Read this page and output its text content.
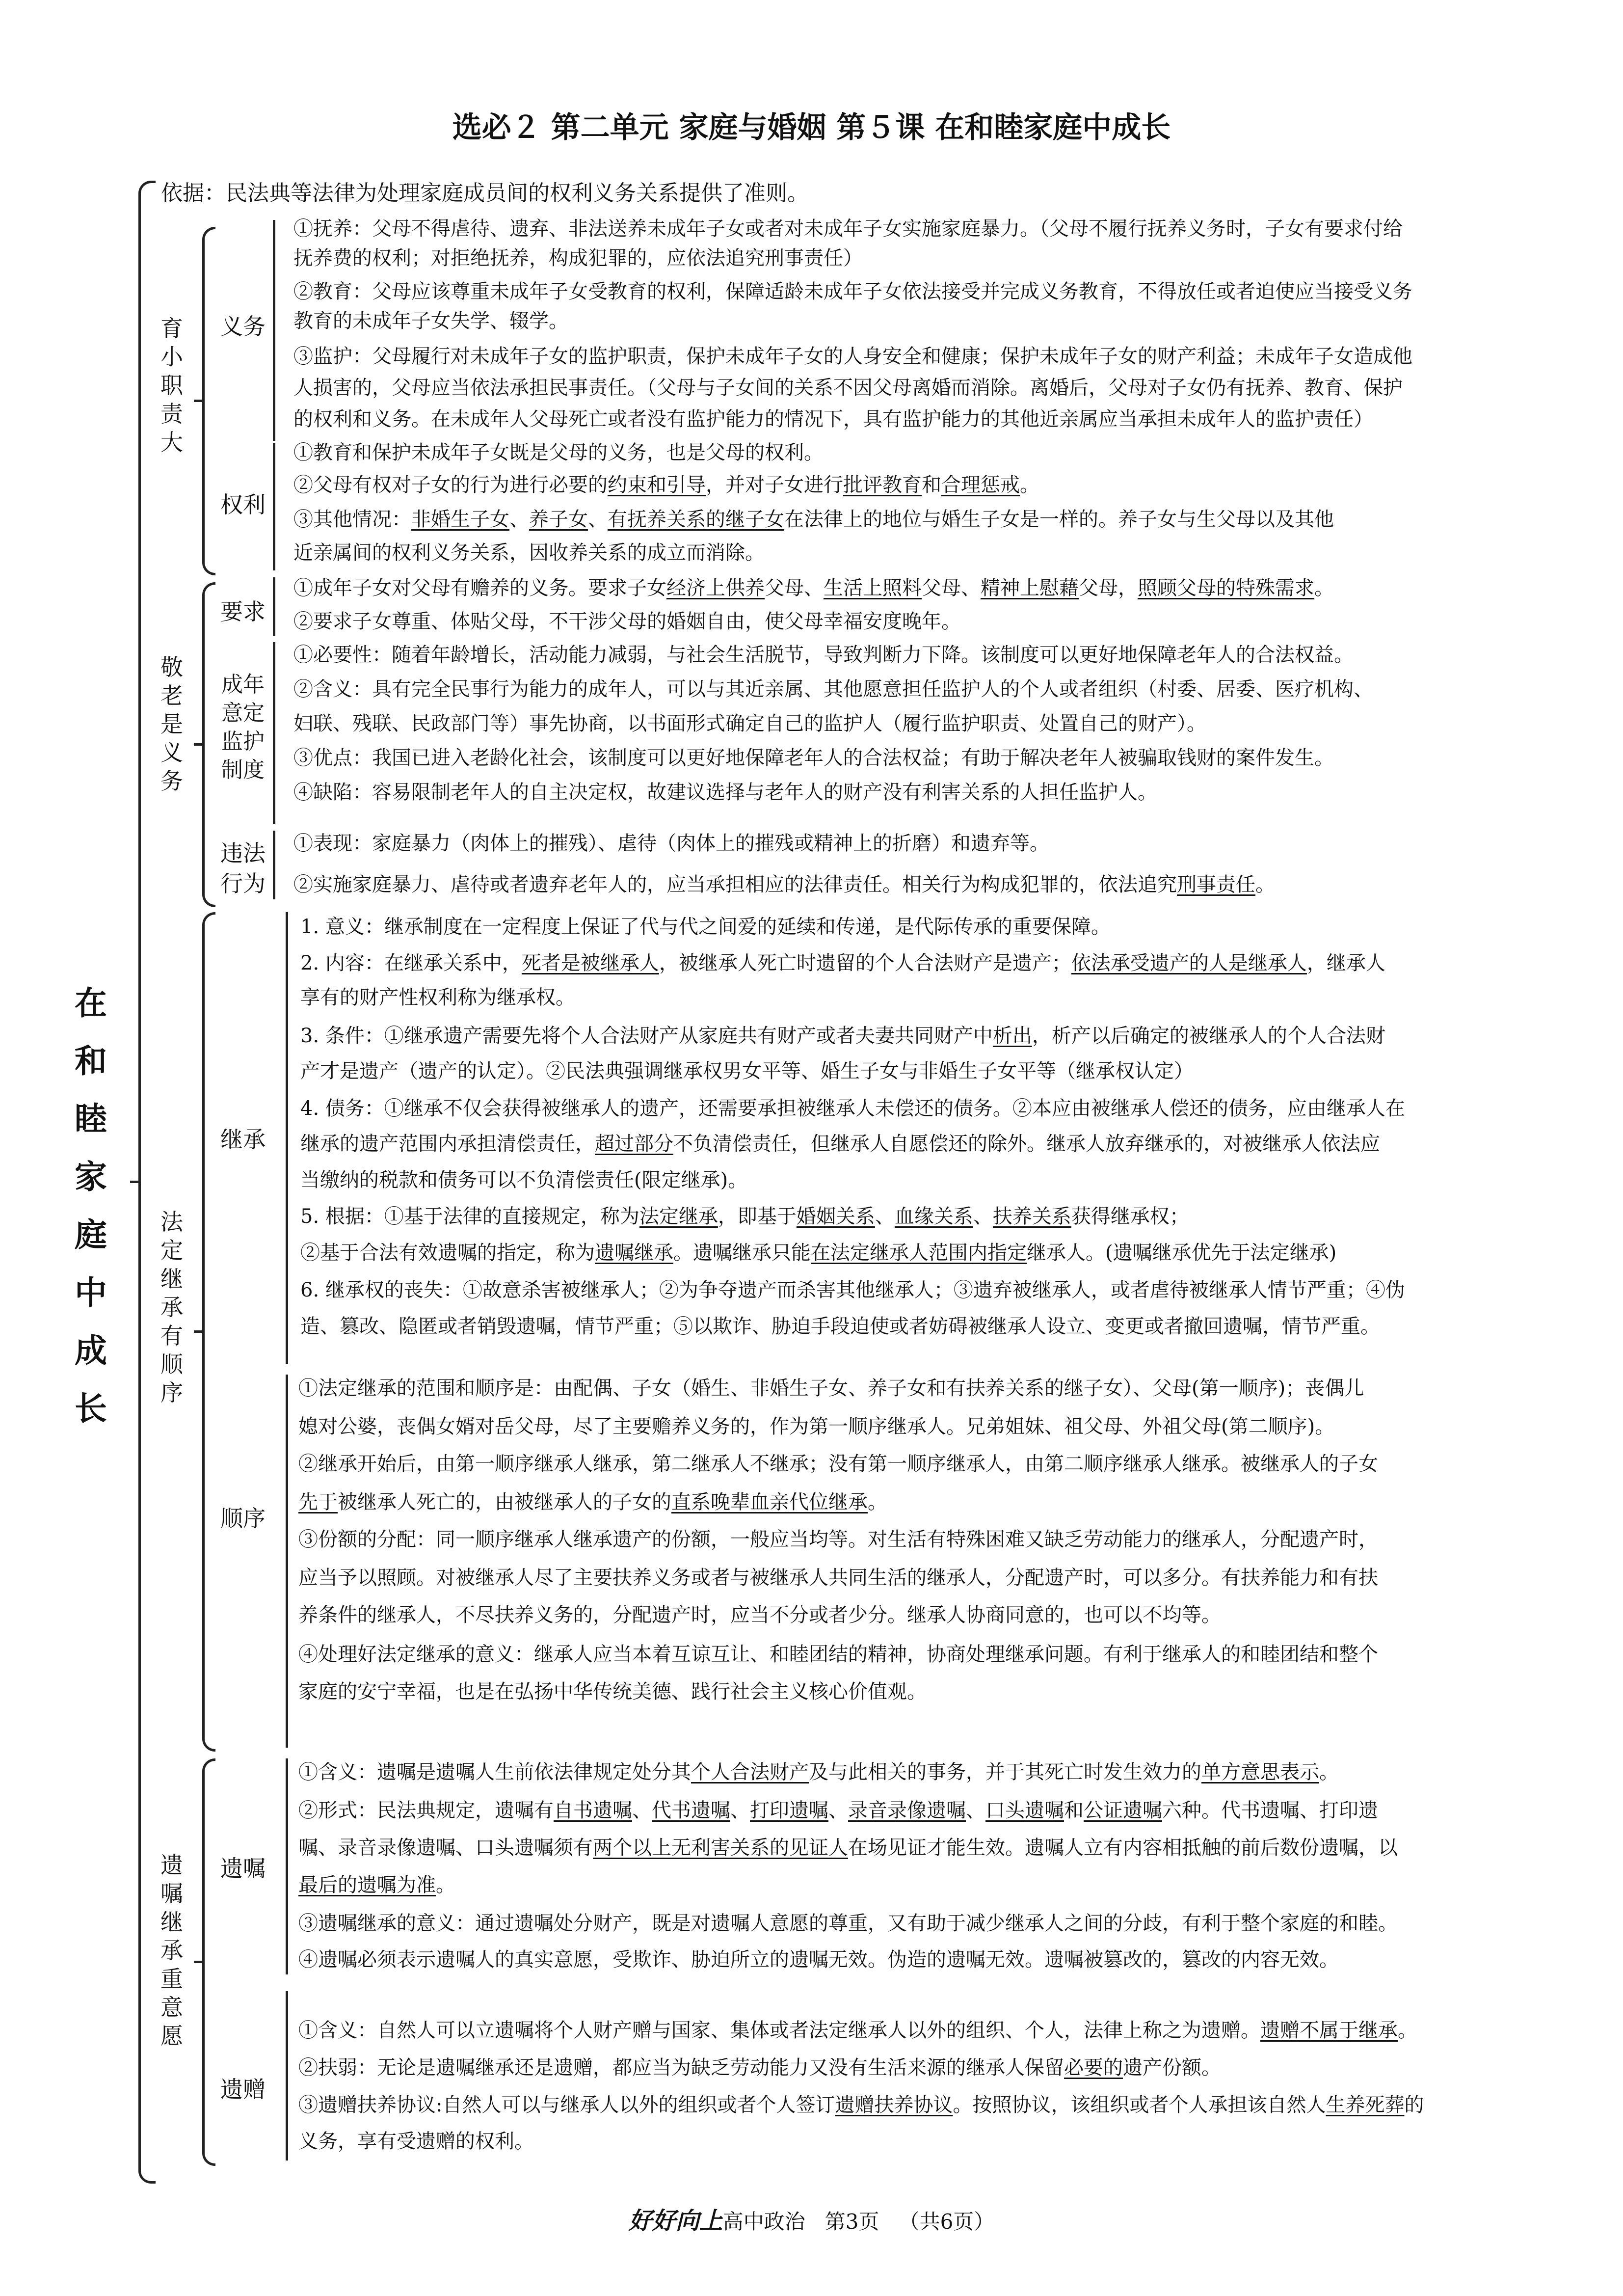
选必２ 第二单元 家庭与婚姻 第５课 在和睦家庭中成长
在和睦家庭中成长
依据：民法典等法律为处理家庭成员间的权利义务关系提供了准则。
育小职责大
敬老是义务
法定继承有顺序
遗嘱继承重意愿
义务
权利
要求
成年意定监护制度
违法
行为
继承
顺序
遗嘱
遗赠
①抚养：父母不得虐待、遗弃、非法送养未成年子女或者对未成年子女实施家庭暴力。（父母不履行抚养义务时，子女有要求付给
抚养费的权利；对拒绝抚养，构成犯罪的，应依法追究刑事责任）
②教育：父母应该尊重未成年子女受教育的权利，保障适龄未成年子女依法接受并完成义务教育，不得放任或者迫使应当接受义务
教育的未成年子女失学、辍学。
③监护：父母履行对未成年子女的监护职责，保护未成年子女的人身安全和健康；保护未成年子女的财产利益；未成年子女造成他
人损害的，父母应当依法承担民事责任。（父母与子女间的关系不因父母离婚而消除。离婚后，父母对子女仍有抚养、教育、保护
的权利和义务。在未成年人父母死亡或者没有监护能力的情况下，具有监护能力的其他近亲属应当承担未成年人的监护责任）
①教育和保护未成年子女既是父母的义务，也是父母的权利。
②父母有权对子女的行为进行必要的约束和引导，并对子女进行批评教育和合理惩戒。
③其他情况：非婚生子女、养子女、有抚养关系的继子女在法律上的地位与婚生子女是一样的。养子女与生父母以及其他
近亲属间的权利义务关系，因收养关系的成立而消除。
①成年子女对父母有赡养的义务。要求子女经济上供养父母、生活上照料父母、精神上慰藉父母，照顾父母的特殊需求。
②要求子女尊重、体贴父母，不干涉父母的婚姻自由，使父母幸福安度晚年。
①必要性：随着年龄增长，活动能力减弱，与社会生活脱节，导致判断力下降。该制度可以更好地保障老年人的合法权益。
②含义：具有完全民事行为能力的成年人，可以与其近亲属、其他愿意担任监护人的个人或者组织（村委、居委、医疗机构、
妇联、残联、民政部门等）事先协商，以书面形式确定自己的监护人（履行监护职责、处置自己的财产）。
③优点：我国已进入老龄化社会，该制度可以更好地保障老年人的合法权益；有助于解决老年人被骗取钱财的案件发生。
④缺陷：容易限制老年人的自主决定权，故建议选择与老年人的财产没有利害关系的人担任监护人。
①表现：家庭暴力（肉体上的摧残）、虐待（肉体上的摧残或精神上的折磨）和遗弃等。
②实施家庭暴力、虐待或者遗弃老年人的，应当承担相应的法律责任。相关行为构成犯罪的，依法追究刑事责任。
1. 意义：继承制度在一定程度上保证了代与代之间爱的延续和传递，是代际传承的重要保障。
2. 内容：在继承关系中，死者是被继承人，被继承人死亡时遗留的个人合法财产是遗产；依法承受遗产的人是继承人，继承人
享有的财产性权利称为继承权。
3. 条件：①继承遗产需要先将个人合法财产从家庭共有财产或者夫妻共同财产中析出，析产以后确定的被继承人的个人合法财
产才是遗产（遗产的认定）。②民法典强调继承权男女平等、婚生子女与非婚生子女平等（继承权认定）
4. 债务：①继承不仅会获得被继承人的遗产，还需要承担被继承人未偿还的债务。②本应由被继承人偿还的债务，应由继承人在
继承的遗产范围内承担清偿责任，超过部分不负清偿责任，但继承人自愿偿还的除外。继承人放弃继承的，对被继承人依法应
当缴纳的税款和债务可以不负清偿责任(限定继承)。
5. 根据：①基于法律的直接规定，称为法定继承，即基于婚姻关系、血缘关系、扶养关系获得继承权；
②基于合法有效遗嘱的指定，称为遗嘱继承。遗嘱继承只能在法定继承人范围内指定继承人。(遗嘱继承优先于法定继承)
6. 继承权的丧失：①故意杀害被继承人；②为争夺遗产而杀害其他继承人；③遗弃被继承人，或者虐待被继承人情节严重；④伪
造、篡改、隐匿或者销毁遗嘱，情节严重；⑤以欺诈、胁迫手段迫使或者妨碍被继承人设立、变更或者撤回遗嘱，情节严重。
①法定继承的范围和顺序是：由配偶、子女（婚生、非婚生子女、养子女和有扶养关系的继子女）、父母(第一顺序)；丧偶儿
媳对公婆，丧偶女婿对岳父母，尽了主要赡养义务的，作为第一顺序继承人。兄弟姐妹、祖父母、外祖父母(第二顺序)。
②继承开始后，由第一顺序继承人继承，第二继承人不继承；没有第一顺序继承人，由第二顺序继承人继承。被继承人的子女
先于被继承人死亡的，由被继承人的子女的直系晚辈血亲代位继承。
③份额的分配：同一顺序继承人继承遗产的份额，一般应当均等。对生活有特殊困难又缺乏劳动能力的继承人，分配遗产时，
应当予以照顾。对被继承人尽了主要扶养义务或者与被继承人共同生活的继承人，分配遗产时，可以多分。有扶养能力和有扶
养条件的继承人，不尽扶养义务的，分配遗产时，应当不分或者少分。继承人协商同意的，也可以不均等。
④处理好法定继承的意义：继承人应当本着互谅互让、和睦团结的精神，协商处理继承问题。有利于继承人的和睦团结和整个
家庭的安宁幸福，也是在弘扬中华传统美德、践行社会主义核心价值观。
①含义：遗嘱是遗嘱人生前依法律规定处分其个人合法财产及与此相关的事务，并于其死亡时发生效力的单方意思表示。
②形式：民法典规定，遗嘱有自书遗嘱、代书遗嘱、打印遗嘱、录音录像遗嘱、口头遗嘱和公证遗嘱六种。代书遗嘱、打印遗
嘱、录音录像遗嘱、口头遗嘱须有两个以上无利害关系的见证人在场见证才能生效。遗嘱人立有内容相抵触的前后数份遗嘱，以
最后的遗嘱为准。
③遗嘱继承的意义：通过遗嘱处分财产，既是对遗嘱人意愿的尊重，又有助于减少继承人之间的分歧，有利于整个家庭的和睦。
④遗嘱必须表示遗嘱人的真实意愿，受欺诈、胁迫所立的遗嘱无效。伪造的遗嘱无效。遗嘱被篡改的，篡改的内容无效。
①含义：自然人可以立遗嘱将个人财产赠与国家、集体或者法定继承人以外的组织、个人，法律上称之为遗赠。遗赠不属于继承。
②扶弱：无论是遗嘱继承还是遗赠，都应当为缺乏劳动能力又没有生活来源的继承人保留必要的遗产份额。
③遗赠扶养协议:自然人可以与继承人以外的组织或者个人签订遗赠扶养协议。按照协议，该组织或者个人承担该自然人生养死葬的
义务，享有受遗赠的权利。
好好向上高中政治 第3页 （共6页）
